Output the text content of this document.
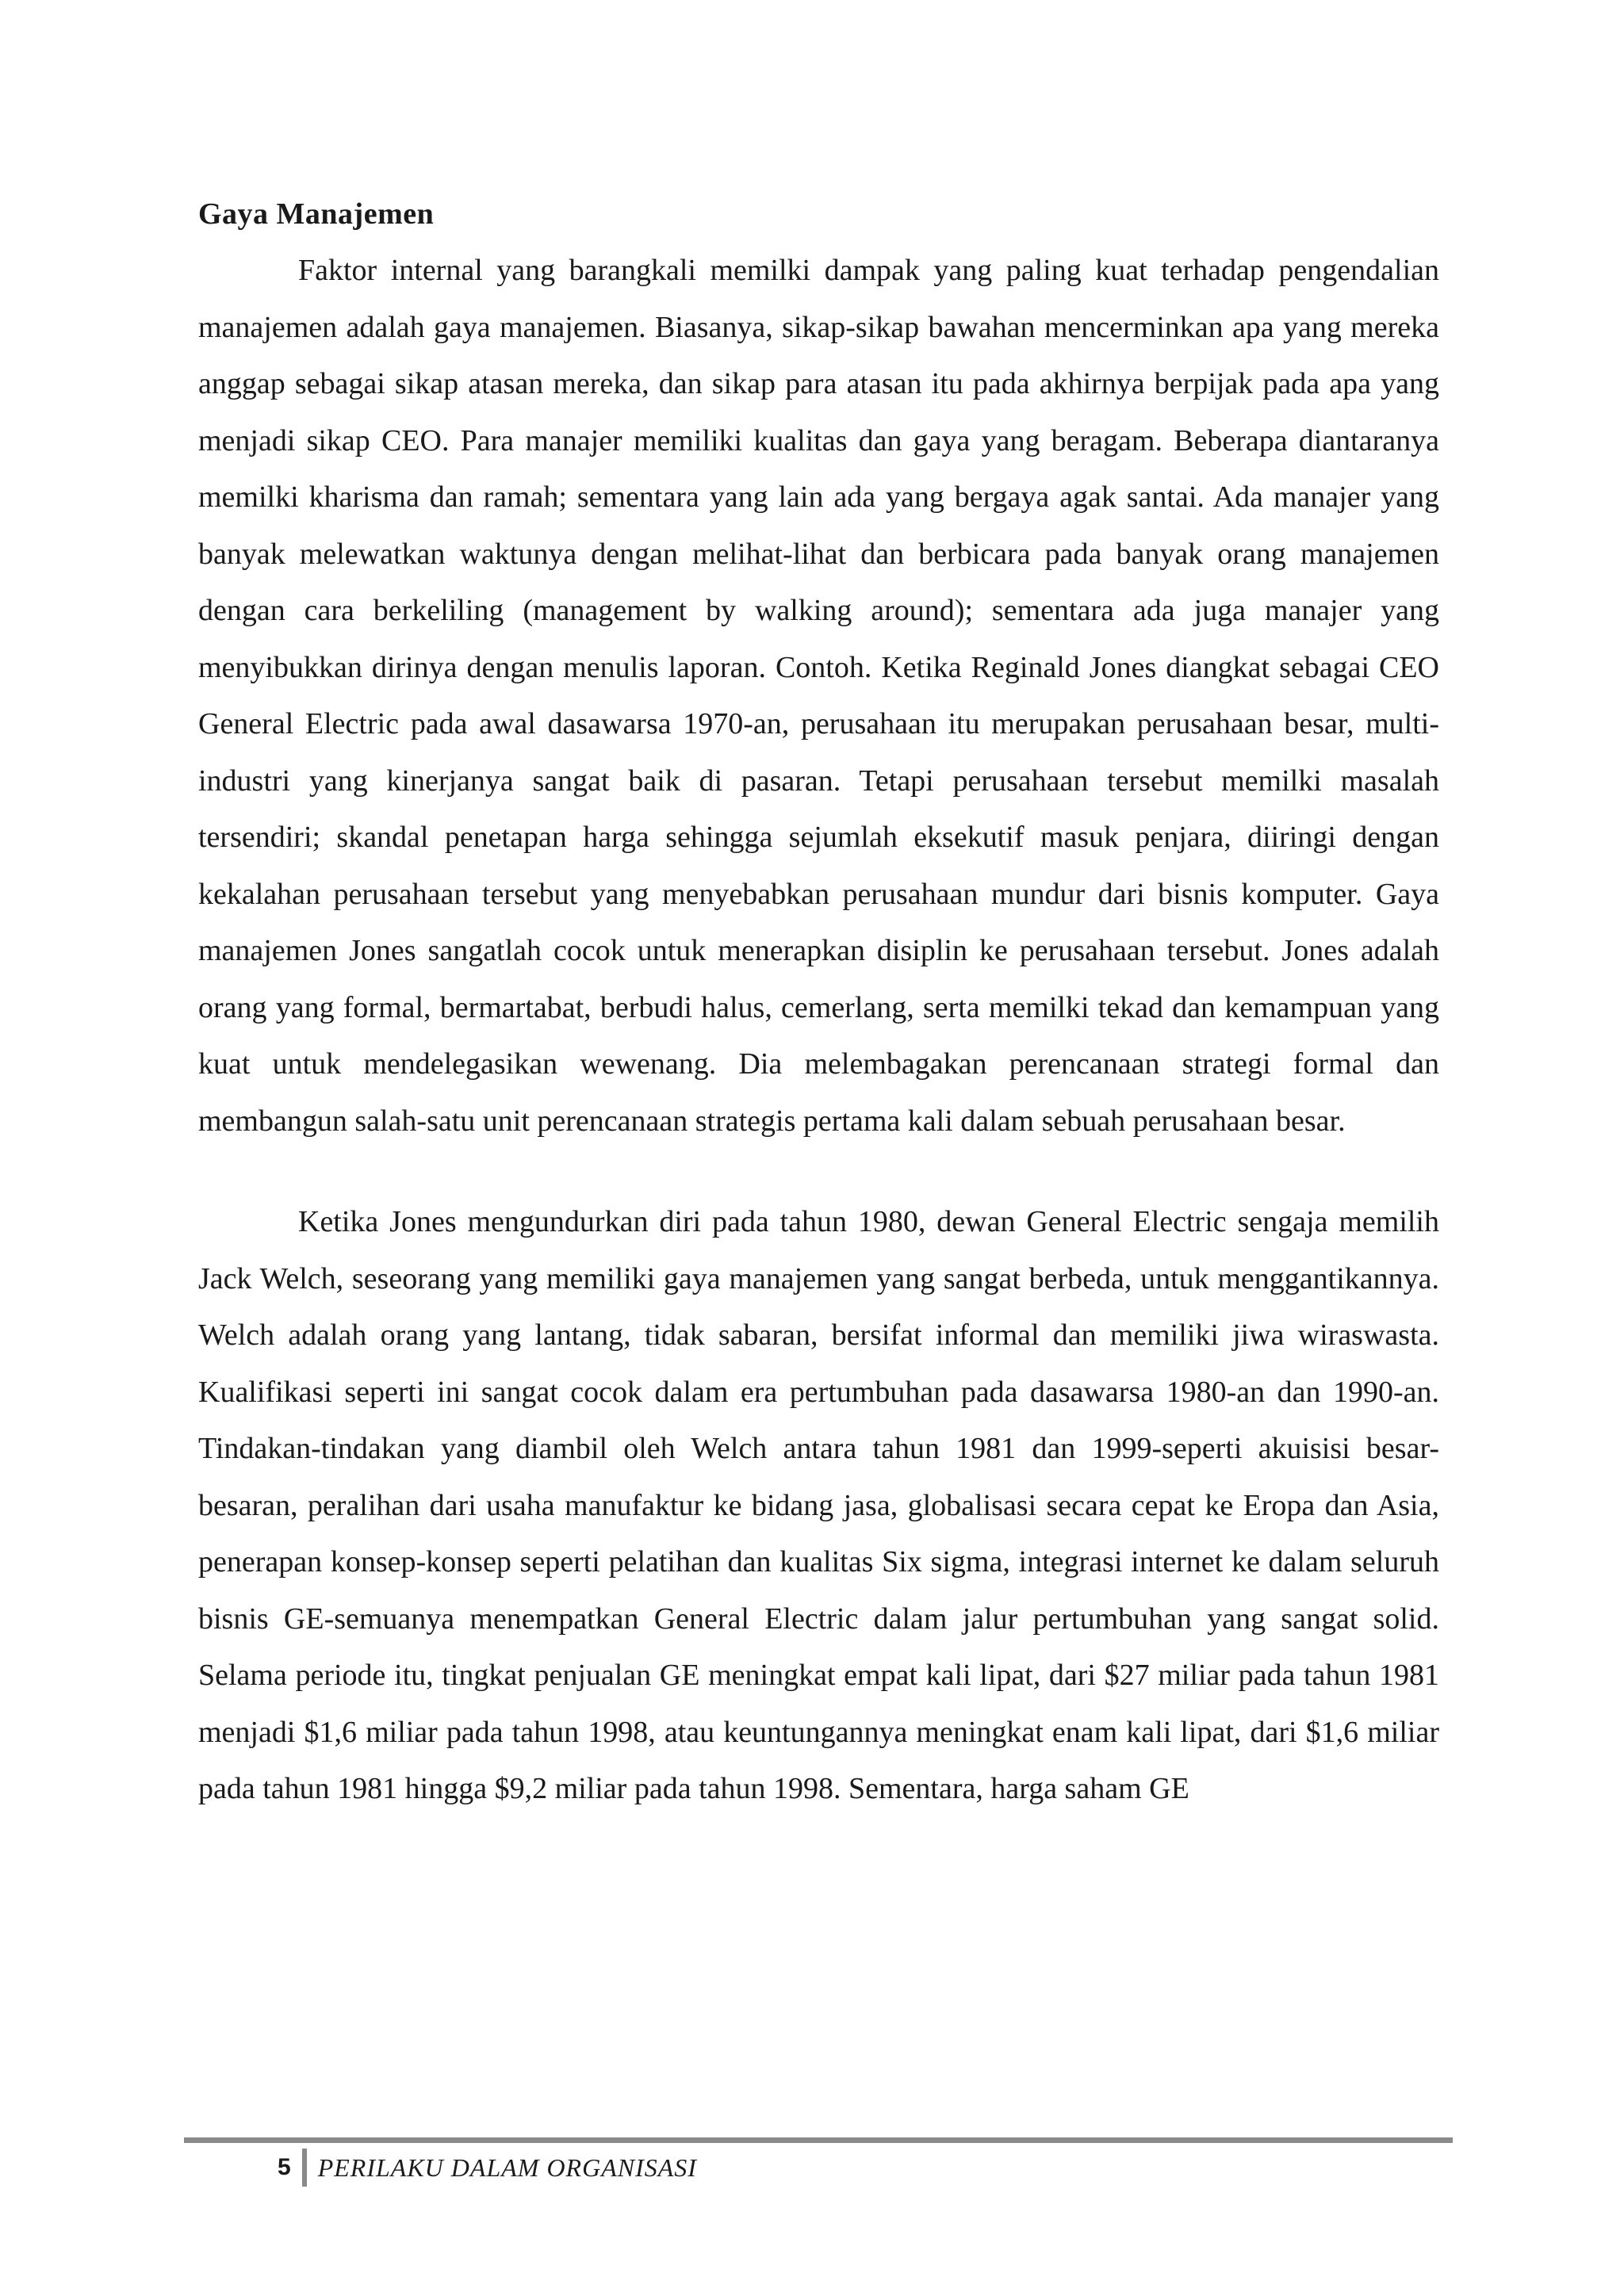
Gaya Manajemen

Faktor internal yang barangkali memilki dampak yang paling kuat terhadap pengendalian manajemen adalah gaya manajemen. Biasanya, sikap-sikap bawahan mencerminkan apa yang mereka anggap sebagai sikap atasan mereka, dan sikap para atasan itu pada akhirnya berpijak pada apa yang menjadi sikap CEO. Para manajer memiliki kualitas dan gaya yang beragam. Beberapa diantaranya memilki kharisma dan ramah; sementara yang lain ada yang bergaya agak santai. Ada manajer yang banyak melewatkan waktunya dengan melihat-lihat dan berbicara pada banyak orang manajemen dengan cara berkeliling (management by walking around); sementara ada juga manajer yang menyibukkan dirinya dengan menulis laporan. Contoh. Ketika Reginald Jones diangkat sebagai CEO General Electric pada awal dasawarsa 1970-an, perusahaan itu merupakan perusahaan besar, multi-industri yang kinerjanya sangat baik di pasaran. Tetapi perusahaan tersebut memilki masalah tersendiri; skandal penetapan harga sehingga sejumlah eksekutif masuk penjara, diiringi dengan kekalahan perusahaan tersebut yang menyebabkan perusahaan mundur dari bisnis komputer. Gaya manajemen Jones sangatlah cocok untuk menerapkan disiplin ke perusahaan tersebut. Jones adalah orang yang formal, bermartabat, berbudi halus, cemerlang, serta memilki tekad dan kemampuan yang kuat untuk mendelegasikan wewenang. Dia melembagakan perencanaan strategi formal dan membangun salah-satu unit perencanaan strategis pertama kali dalam sebuah perusahaan besar.

Ketika Jones mengundurkan diri pada tahun 1980, dewan General Electric sengaja memilih Jack Welch, seseorang yang memiliki gaya manajemen yang sangat berbeda, untuk menggantikannya. Welch adalah orang yang lantang, tidak sabaran, bersifat informal dan memiliki jiwa wiraswasta. Kualifikasi seperti ini sangat cocok dalam era pertumbuhan pada dasawarsa 1980-an dan 1990-an. Tindakan-tindakan yang diambil oleh Welch antara tahun 1981 dan 1999-seperti akuisisi besar-besaran, peralihan dari usaha manufaktur ke bidang jasa, globalisasi secara cepat ke Eropa dan Asia, penerapan konsep-konsep seperti pelatihan dan kualitas Six sigma, integrasi internet ke dalam seluruh bisnis GE-semuanya menempatkan General Electric dalam jalur pertumbuhan yang sangat solid. Selama periode itu, tingkat penjualan GE meningkat empat kali lipat, dari $27 miliar pada tahun 1981 menjadi $1,6 miliar pada tahun 1998, atau keuntungannya meningkat enam kali lipat, dari $1,6 miliar pada tahun 1981 hingga $9,2 miliar pada tahun 1998. Sementara, harga saham GE

5	PERILAKU DALAM ORGANISASI
